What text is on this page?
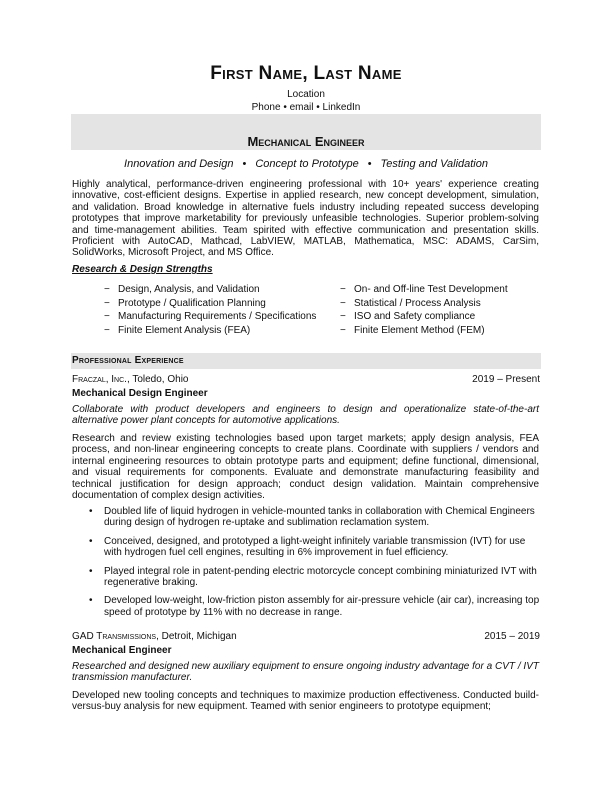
First Name, Last Name
Location
Phone • email • LinkedIn
Mechanical Engineer
Innovation and Design • Concept to Prototype • Testing and Validation

Highly analytical, performance-driven engineering professional with 10+ years' experience creating innovative, cost-efficient designs. Expertise in applied research, new concept development, simulation, and validation. Broad knowledge in alternative fuels industry including repeated success developing prototypes that improve marketability for previously unfeasible technologies. Superior problem-solving and time-management abilities. Team spirited with effective communication and presentation skills. Proficient with AutoCAD, Mathcad, LabVIEW, MATLAB, Mathematica, MSC: ADAMS, CarSim, SolidWorks, Microsoft Project, and MS Office.

Research & Design Strengths
− Design, Analysis, and Validation
− Prototype / Qualification Planning
− Manufacturing Requirements / Specifications
− Finite Element Analysis (FEA)
− On- and Off-line Test Development
− Statistical / Process Analysis
− ISO and Safety compliance
− Finite Element Method (FEM)
Professional Experience
Fraczal, Inc., Toledo, Ohio	2019 – Present
Mechanical Design Engineer

Collaborate with product developers and engineers to design and operationalize state-of-the-art alternative power plant concepts for automotive applications.

Research and review existing technologies based upon target markets; apply design analysis, FEA process, and non-linear engineering concepts to create plans. Coordinate with suppliers / vendors and internal engineering resources to obtain prototype parts and equipment; define functional, dimensional, and visual requirements for components. Evaluate and demonstrate manufacturing feasibility and technical justification for design approach; conduct design validation. Maintain comprehensive documentation of complex design activities.

• Doubled life of liquid hydrogen in vehicle-mounted tanks in collaboration with Chemical Engineers during design of hydrogen re-uptake and sublimation reclamation system.
• Conceived, designed, and prototyped a light-weight infinitely variable transmission (IVT) for use with hydrogen fuel cell engines, resulting in 6% improvement in fuel efficiency.
• Played integral role in patent-pending electric motorcycle concept combining miniaturized IVT with regenerative braking.
• Developed low-weight, low-friction piston assembly for air-pressure vehicle (air car), increasing top speed of prototype by 11% with no decrease in range.
GAD Transmissions, Detroit, Michigan	2015 – 2019
Mechanical Engineer

Researched and designed new auxiliary equipment to ensure ongoing industry advantage for a CVT / IVT transmission manufacturer.

Developed new tooling concepts and techniques to maximize production effectiveness. Conducted build-versus-buy analysis for new equipment. Teamed with senior engineers to prototype equipment;
